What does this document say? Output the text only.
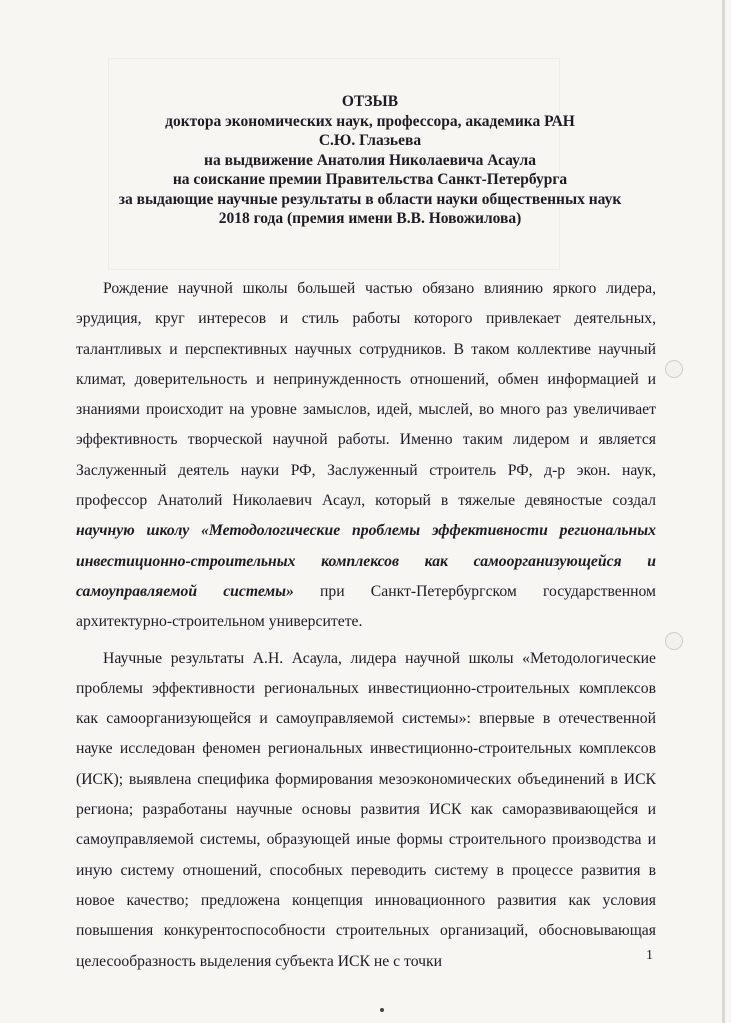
ОТЗЫВ
доктора экономических наук, профессора, академика РАН
С.Ю. Глазьева
на выдвижение Анатолия Николаевича Асаула
на соискание премии Правительства Санкт-Петербурга
за выдающие научные результаты в области науки общественных наук
2018 года (премия имени В.В. Новожилова)

Рождение научной школы большей частью обязано влиянию яркого лидера, эрудиция, круг интересов и стиль работы которого привлекает деятельных, талантливых и перспективных научных сотрудников. В таком коллективе научный климат, доверительность и непринужденность отношений, обмен информацией и знаниями происходит на уровне замыслов, идей, мыслей, во много раз увеличивает эффективность творческой научной работы. Именно таким лидером и является Заслуженный деятель науки РФ, Заслуженный строитель РФ, д-р экон. наук, профессор Анатолий Николаевич Асаул, который в тяжелые девяностые создал научную школу «Методологические проблемы эффективности региональных инвестиционно-строительных комплексов как самоорганизующейся и самоуправляемой системы» при Санкт-Петербургском государственном архитектурно-строительном университете.

Научные результаты А.Н. Асаула, лидера научной школы «Методологические проблемы эффективности региональных инвестиционно-строительных комплексов как самоорганизующейся и самоуправляемой системы»: впервые в отечественной науке исследован феномен региональных инвестиционно-строительных комплексов (ИСК); выявлена специфика формирования мезоэкономических объединений в ИСК региона; разработаны научные основы развития ИСК как саморазвивающейся и самоуправляемой системы, образующей иные формы строительного производства и иную систему отношений, способных переводить систему в процессе развития в новое качество; предложена концепция инновационного развития как условия повышения конкурентоспособности строительных организаций, обосновывающая целесообразность выделения субъекта ИСК не с точки	1
